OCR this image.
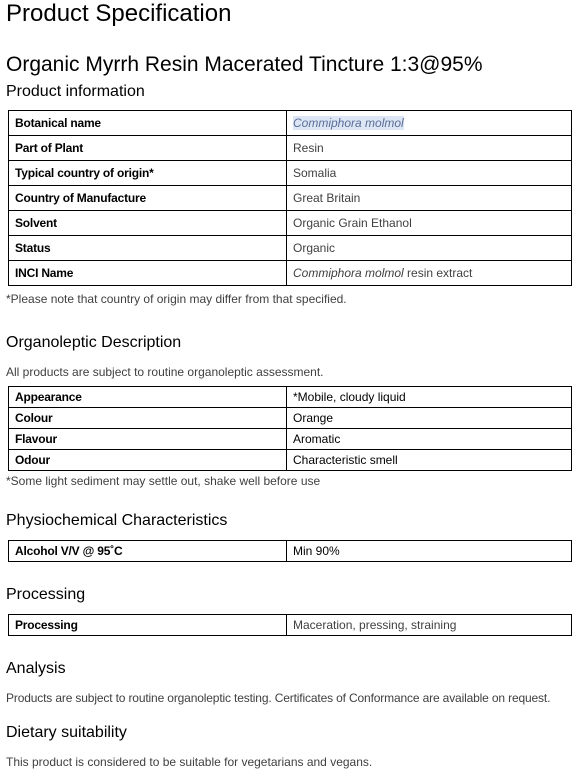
Product Specification
Organic Myrrh Resin Macerated Tincture 1:3@95%
Product information
Botanical name	Commiphora molmol
Part of Plant	Resin
Typical country of origin*	Somalia
Country of Manufacture	Great Britain
Solvent	Organic Grain Ethanol
Status	Organic
INCI Name	Commiphora molmol resin extract
*Please note that country of origin may differ from that specified.
Organoleptic Description
All products are subject to routine organoleptic assessment.
Appearance	*Mobile, cloudy liquid
Colour	Orange
Flavour	Aromatic
Odour	Characteristic smell
*Some light sediment may settle out, shake well before use
Physiochemical Characteristics
Alcohol V/V @ 95˚C	Min 90%
Processing
Processing	Maceration, pressing, straining
Analysis
Products are subject to routine organoleptic testing. Certificates of Conformance are available on request.
Dietary suitability
This product is considered to be suitable for vegetarians and vegans.
